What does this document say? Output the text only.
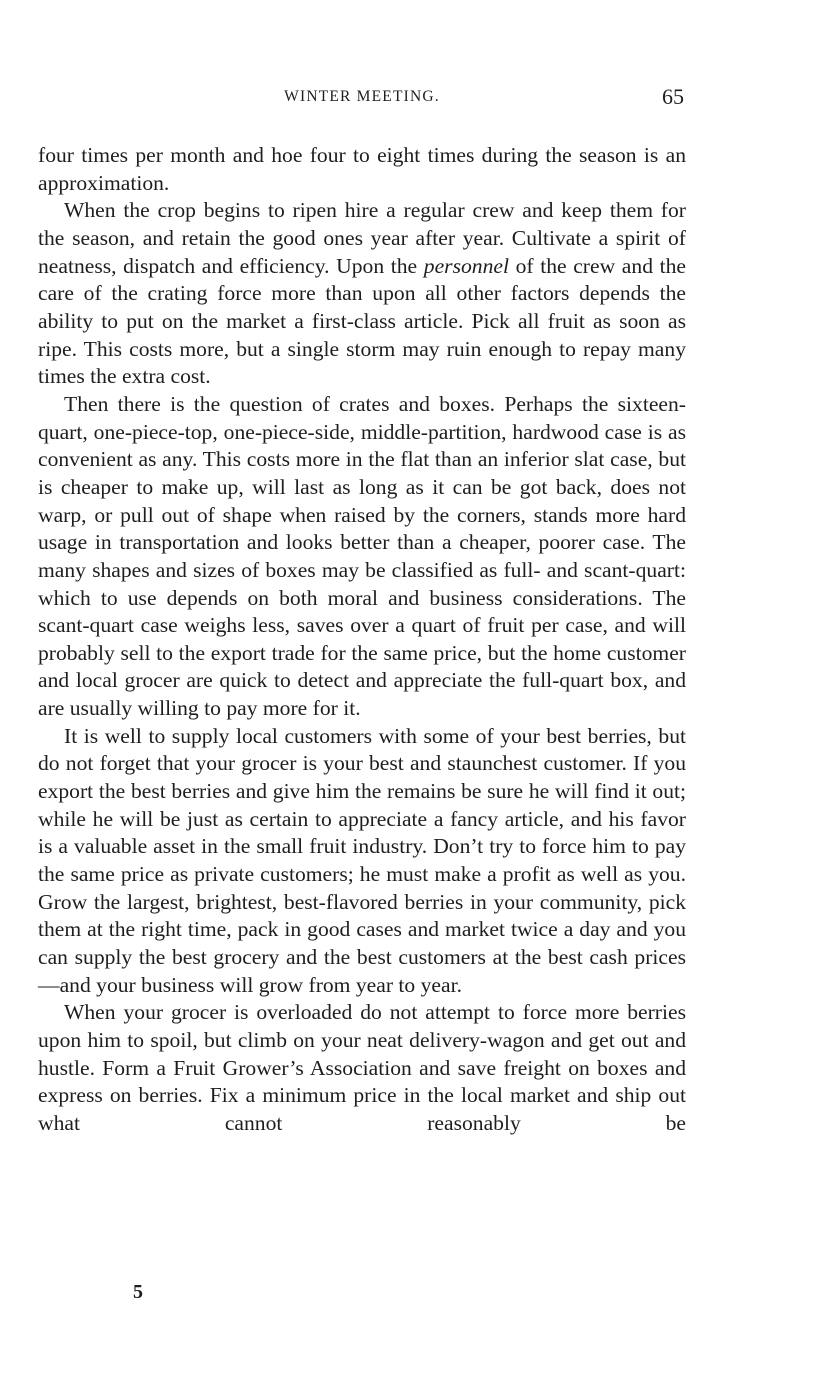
WINTER MEETING.	65

four times per month and hoe four to eight times during the season is an approximation.

When the crop begins to ripen hire a regular crew and keep them for the season, and retain the good ones year after year. Cultivate a spirit of neatness, dispatch and efficiency. Upon the personnel of the crew and the care of the crating force more than upon all other factors depends the ability to put on the market a first-class article. Pick all fruit as soon as ripe. This costs more, but a single storm may ruin enough to repay many times the extra cost.

Then there is the question of crates and boxes. Perhaps the sixteen-quart, one-piece-top, one-piece-side, middle-partition, hardwood case is as convenient as any. This costs more in the flat than an inferior slat case, but is cheaper to make up, will last as long as it can be got back, does not warp, or pull out of shape when raised by the corners, stands more hard usage in transportation and looks better than a cheaper, poorer case. The many shapes and sizes of boxes may be classified as full- and scant-quart: which to use depends on both moral and business considerations. The scant-quart case weighs less, saves over a quart of fruit per case, and will probably sell to the export trade for the same price, but the home customer and local grocer are quick to detect and appreciate the full-quart box, and are usually willing to pay more for it.

It is well to supply local customers with some of your best berries, but do not forget that your grocer is your best and staunchest customer. If you export the best berries and give him the remains be sure he will find it out; while he will be just as certain to appreciate a fancy article, and his favor is a valuable asset in the small fruit industry. Don’t try to force him to pay the same price as private customers; he must make a profit as well as you. Grow the largest, brightest, best-flavored berries in your community, pick them at the right time, pack in good cases and market twice a day and you can supply the best grocery and the best customers at the best cash prices—and your business will grow from year to year.

When your grocer is overloaded do not attempt to force more berries upon him to spoil, but climb on your neat delivery-wagon and get out and hustle. Form a Fruit Grower’s Association and save freight on boxes and express on berries. Fix a minimum price in the local market and ship out what cannot reasonably be

5
